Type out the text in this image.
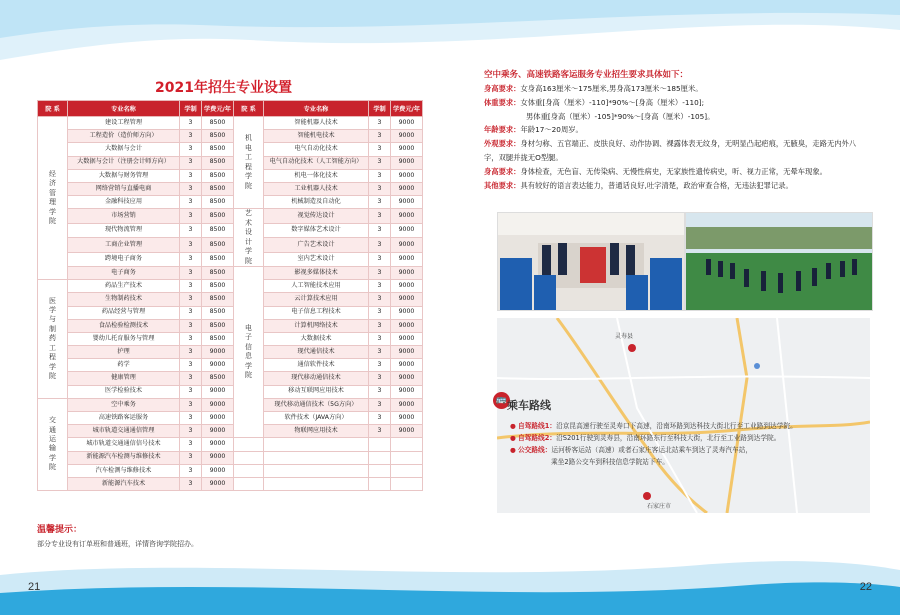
2021年招生专业设置
院 系	专业名称	学制	学费元/年	院 系	专业名称	学制	学费元/年
经济管理学院	建设工程管理	3	8500	机电工程学院	智能机器人技术	3	9000
	工程造价（造价师方向）	3	8500		智能机电技术	3	9000
	大数据与会计	3	8500		电气自动化技术	3	9000
	大数据与会计（注册会计师方向）	3	8500		电气自动化技术（人工智能方向）	3	9000
	大数据与财务管理	3	8500		机电一体化技术	3	9000
	网络营销与直播电商	3	8500		工业机器人技术	3	9000
	金融科技应用	3	8500		机械制造及自动化	3	9000
	市场营销	3	8500	艺术设计学院	视觉传达设计	3	9000
	现代物流管理	3	8500		数字媒体艺术设计	3	9000
	工商企业管理	3	8500		广告艺术设计	3	9000
	跨境电子商务	3	8500		室内艺术设计	3	9000
	电子商务	3	8500	电子信息学院	影视多媒体技术	3	9000
医学与制药工程学院	药品生产技术	3	8500		人工智能技术应用	3	9000
	生物制药技术	3	8500		云计算技术应用	3	9000
	药品经营与管理	3	8500		电子信息工程技术	3	9000
	食品检验检测技术	3	8500		计算机网络技术	3	9000
	婴幼儿托育服务与管理	3	8500		大数据技术	3	9000
	护理	3	9000		现代通信技术	3	9000
	药学	3	9000		通信软件技术	3	9000
	健康管理	3	8500		现代移动通信技术	3	9000
	医学检验技术	3	9000		移动互联网应用技术	3	9000
交通运输学院	空中乘务	3	9000		现代移动通信技术（5G方向）	3	9000
	高速铁路客运服务	3	9000		软件技术（JAVA方向）	3	9000
	城市轨道交通通信管理	3	9000		物联网应用技术	3	9000
	城市轨道交通通信信号技术	3	9000				
	新能源汽车检测与维修技术	3	9000				
	汽车检测与维修技术	3	9000				
	新能源汽车技术	3	9000				
温馨提示：
部分专业设有订单班和普通班，详情咨询学院招办。
21
空中乘务、高速铁路客运服务专业招生要求具体如下：
身高要求：女身高163厘米～175厘米,男身高173厘米～185厘米。
体重要求：女体重[身高（厘米）-110]*90%～[身高（厘米）-110];
男体重[身高（厘米）-105]*90%～[身高（厘米）-105]。
年龄要求：年龄17～20周岁。
外观要求：身材匀称、五官端正、皮肤良好、动作协调、裸露体表无纹身，无明显凸起疤痕，无腋臭，走路无内外八字，双腿并拢无O型腿。
身高要求：身体检查，无色盲、无传染病、无慢性病史，无家族性遗传病史，听、视力正常，无晕车现象。
其他要求：具有较好的语言表达能力，普通话良好,吐字清楚，政治审查合格，无违法犯罪记录。
灵寿县
石家庄市
🚌 乘车路线
● 自驾路线1：沿京昆高速行驶至灵寿口下高速，沿南环路到达科技大街北行至工业路到达学院。
● 自驾路线2：沿S201行驶到灵寿县，沿南环路东行至科技大街，北行至工业路到达学院。
● 公交路线：运河桥客运站（高速）或者石家庄客运北站乘车到达了灵寿汽车站，
乘坐2路公交车到科技信息学院站下车。
22
